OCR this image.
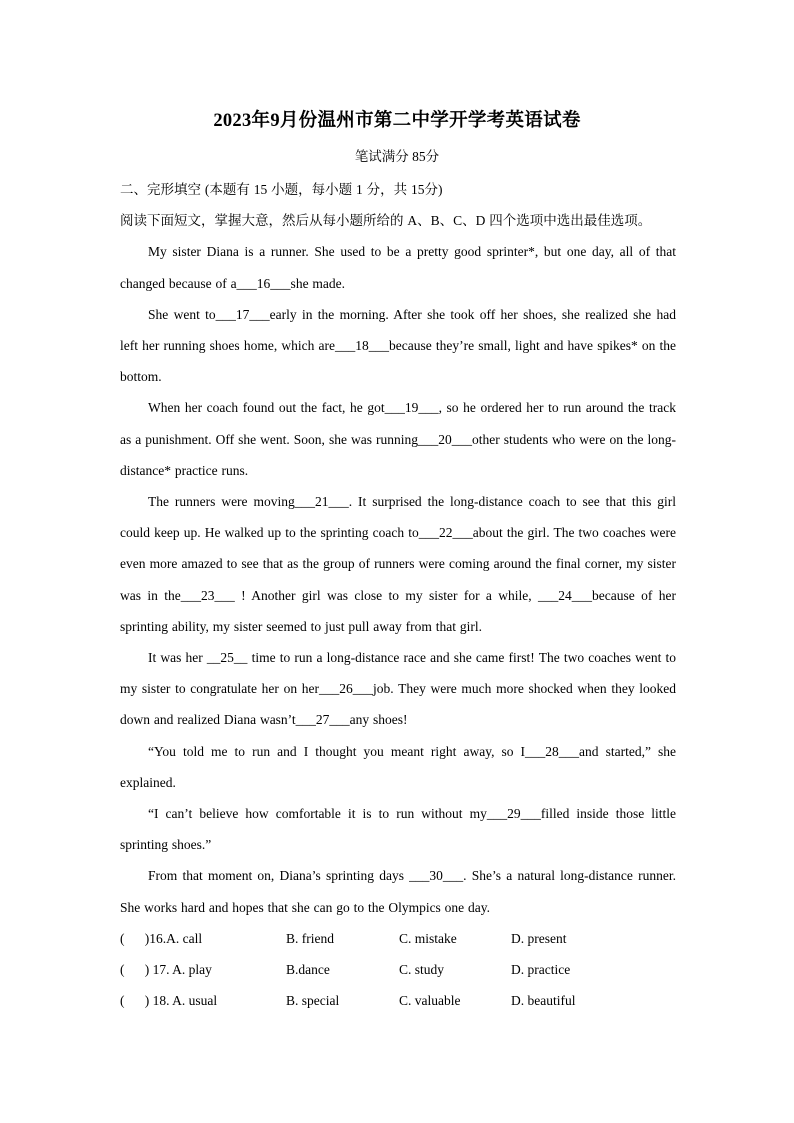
2023年9月份温州市第二中学开学考英语试卷
笔试满分 85分

二、完形填空 (本题有 15 小题，每小题 1 分，共 15分)

阅读下面短文，掌握大意，然后从每小题所给的 A、B、C、D 四个选项中选出最佳选项。

My sister Diana is a runner. She used to be a pretty good sprinter*, but one day, all of that changed because of a___16___she made.

She went to___17___early in the morning. After she took off her shoes, she realized she had left her running shoes home, which are___18___because they’re small, light and have spikes* on the bottom.

When her coach found out the fact, he got___19___, so he ordered her to run around the track as a punishment. Off she went. Soon, she was running___20___other students who were on the long-distance* practice runs.

The runners were moving___21___. It surprised the long-distance coach to see that this girl could keep up. He walked up to the sprinting coach to___22___about the girl. The two coaches were even more amazed to see that as the group of runners were coming around the final corner, my sister was in the___23___ ! Another girl was close to my sister for a while, ___24___because of her sprinting ability, my sister seemed to just pull away from that girl.

It was her __25__ time to run a long-distance race and she came first! The two coaches went to my sister to congratulate her on her___26___job. They were much more shocked when they looked down and realized Diana wasn’t___27___any shoes!

“You told me to run and I thought you meant right away, so I___28___and started,” she explained.

“I can’t believe how comfortable it is to run without my___29___filled inside those little sprinting shoes.”

From that moment on, Diana’s sprinting days ___30___. She’s a natural long-distance runner. She works hard and hopes that she can go to the Olympics one day.

(      )16.A. call	B. friend	C. mistake	D. present
(      ) 17. A. play	B.dance	C. study	D. practice
(      ) 18. A. usual	B. special	C. valuable	D. beautiful
